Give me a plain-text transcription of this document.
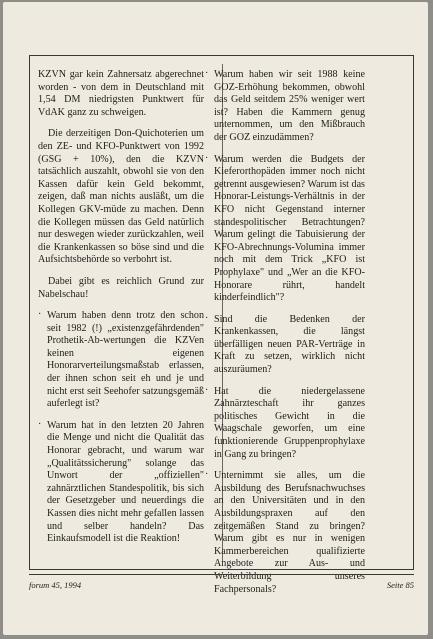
KZVN gar kein Zahnersatz abgerechnet worden - von dem in Deutschland mit 1,54 DM niedrigsten Punktwert für VdAK ganz zu schweigen.

Die derzeitigen Don-Quichoterien um den ZE- und KFO-Punktwert von 1992 (GSG + 10%), den die KZVN tatsächlich auszahlt, obwohl sie von den Kassen dafür kein Geld bekommt, zeigen, daß man nichts ausläßt, um die Kollegen GKV-müde zu machen. Denn die Kollegen müssen das Geld natürlich nur deswegen wieder zurückzahlen, weil die Krankenkassen so böse sind und die Aufsichtsbehörde so verbohrt ist.

Dabei gibt es reichlich Grund zur Nabelschau!

· Warum haben denn trotz den schon seit 1982 (!) „existenzgefährdenden" Prothetik-Ab-wertungen die KZVen keinen eigenen Honorarverteilungsmaßstab erlassen, der ihnen schon seit eh und je und nicht erst seit Seehofer satzungsgemäß auferlegt ist?
· Warum hat in den letzten 20 Jahren die Menge und nicht die Qualität das Honorar gebracht, und warum war „Qualitätssicherung" solange das Unwort der „offiziellen" zahnärztlichen Standespolitik, bis sich der Gesetzgeber und neuerdings die Kassen dies nicht mehr gefallen lassen und selber handeln? Das Einkaufsmodell ist die Reaktion!
· Warum haben wir seit 1988 keine GOZ-Erhöhung bekommen, obwohl das Geld seitdem 25% weniger wert ist? Haben die Kammern genug unternommen, um den Mißbrauch der GOZ einzudämmen?
· Warum werden die Budgets der Kieferorthopäden immer noch nicht getrennt ausgewiesen? Warum ist das Honorar-Leistungs-Verhältnis in der KFO nicht Gegenstand interner standespolitischer Betrachtungen? Warum gelingt die Tabuisierung der KFO-Abrechnungs-Volumina immer noch mit dem Trick „KFO ist Prophylaxe" und „Wer an die KFO-Honorare rührt, handelt kinderfeindlich"?
· Sind die Bedenken der Krankenkassen, die längst überfälligen neuen PAR-Verträge in Kraft zu setzen, wirklich nicht auszuräumen?
· Hat die niedergelassene Zahnärzteschaft ihr ganzes politisches Gewicht in die Waagschale geworfen, um eine funktionierende Gruppenprophylaxe in Gang zu bringen?
· Unternimmt sie alles, um die Ausbildung des Berufsnachwuchses an den Universitäten und in den Ausbildungspraxen auf den zeitgemäßen Stand zu bringen? Warum gibt es nur in wenigen Kammerbereichen qualifizierte Angebote zur Aus- und Weiterbildung unseres Fachpersonals?
forum 45, 1994	Seite 85
